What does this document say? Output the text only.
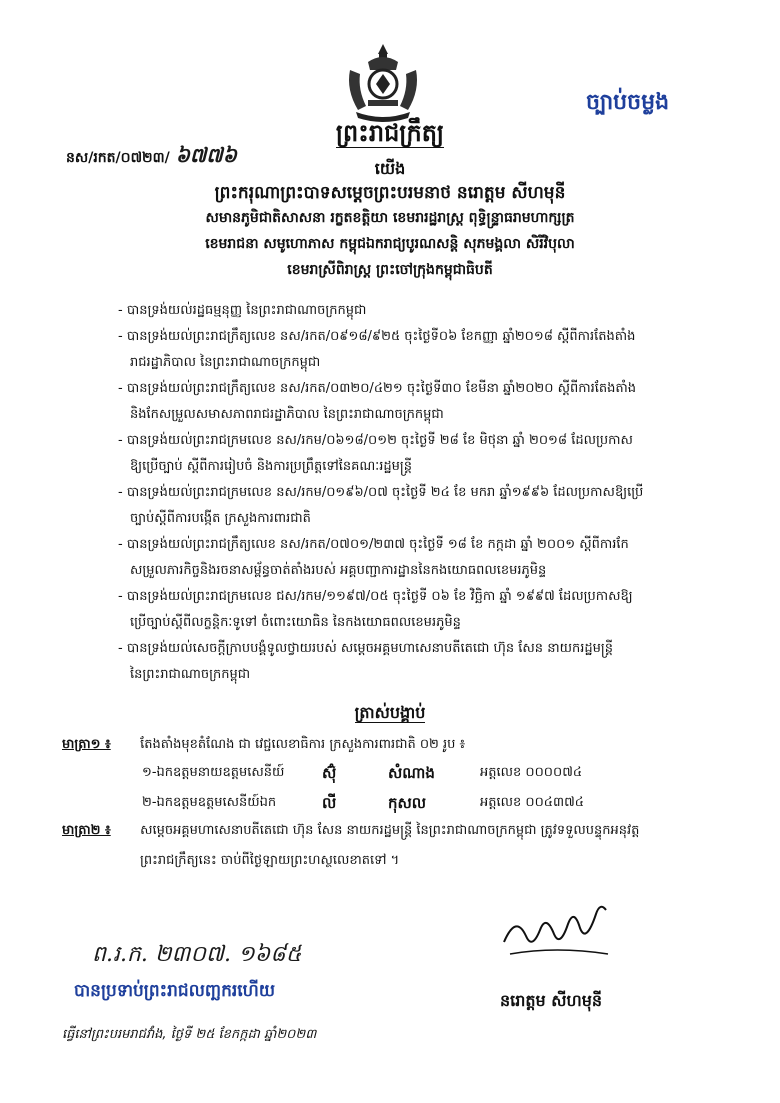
ច្បាប់ចម្លង
ព្រះរាជក្រឹត្យ
នស/រកត/០៧២៣/ ៦៧៧៦
យើង
ព្រះករុណាព្រះបាទសម្តេចព្រះបរមនាថ នរោត្តម សីហមុនី
សមានភូមិជាតិសាសនា រក្ខតខត្តិយា ខេមរារដ្ឋរាស្ត្រ ពុទ្ធិន្ទ្រាធរាមហាក្សត្រ
ខេមរាជនា សមូហោភាស កម្ពុជឯករាជ្យបូរណសន្តិ សុភមង្គលា សិរីវិបុលា
ខេមរាស្រីពិរាស្ត្រ ព្រះចៅក្រុងកម្ពុជាធិបតី
- បានទ្រង់យល់រដ្ឋធម្មនុញ្ញ នៃព្រះរាជាណាចក្រកម្ពុជា
- បានទ្រង់យល់ព្រះរាជក្រឹត្យលេខ នស/រកត/០៩១៨/៩២៥ ចុះថ្ងៃទី០៦ ខែកញ្ញា ឆ្នាំ២០១៨ ស្តីពីការតែងតាំង
រាជរដ្ឋាភិបាល នៃព្រះរាជាណាចក្រកម្ពុជា
- បានទ្រង់យល់ព្រះរាជក្រឹត្យលេខ នស/រកត/០៣២០/៤២១ ចុះថ្ងៃទី៣០ ខែមីនា ឆ្នាំ២០២០ ស្តីពីការតែងតាំង
និងកែសម្រួលសមាសភាពរាជរដ្ឋាភិបាល នៃព្រះរាជាណាចក្រកម្ពុជា
- បានទ្រង់យល់ព្រះរាជក្រមលេខ នស/រកម/០៦១៨/០១២ ចុះថ្ងៃទី ២៨ ខែ មិថុនា ឆ្នាំ ២០១៨ ដែលប្រកាស
ឱ្យប្រើច្បាប់ ស្តីពីការរៀបចំ និងការប្រព្រឹត្តទៅនៃគណៈរដ្ឋមន្ត្រី
- បានទ្រង់យល់ព្រះរាជក្រមលេខ នស/រកម/០១៩៦/០៧ ចុះថ្ងៃទី ២៤ ខែ មករា ឆ្នាំ១៩៩៦ ដែលប្រកាសឱ្យប្រើ
ច្បាប់ស្តីពីការបង្កើត ក្រសួងការពារជាតិ
- បានទ្រង់យល់ព្រះរាជក្រឹត្យលេខ នស/រកត/០៧០១/២៣៧ ចុះថ្ងៃទី ១៨ ខែ កក្កដា ឆ្នាំ ២០០១ ស្តីពីការកែ
សម្រួលភារកិច្ចនិងរចនាសម្ព័ន្ធចាត់តាំងរបស់ អគ្គបញ្ជាការដ្ឋាននៃកងយោធពលខេមរភូមិន្ទ
- បានទ្រង់យល់ព្រះរាជក្រមលេខ ជស/រកម/១១៩៧/០៥ ចុះថ្ងៃទី ០៦ ខែ វិច្ឆិកា ឆ្នាំ ១៩៩៧ ដែលប្រកាសឱ្យ
ប្រើច្បាប់ស្តីពីលក្ខន្តិកៈទូទៅ ចំពោះយោធិន នៃកងយោធពលខេមរភូមិន្ទ
- បានទ្រង់យល់សេចក្តីក្រាបបង្គំទូលថ្វាយរបស់ សម្តេចអគ្គមហាសេនាបតីតេជោ ហ៊ុន សែន នាយករដ្ឋមន្ត្រី
នៃព្រះរាជាណាចក្រកម្ពុជា
ត្រាស់បង្គាប់
មាត្រា១ ៖ តែងតាំងមុខតំណែង ជា វេជ្ជលេខាធិការ ក្រសួងការពារជាតិ ០២ រូប ៖
១-ឯកឧត្តមនាយឧត្តមសេនីយ៍	ស៊ុំ	សំណាង	អត្តលេខ ០០០០៧៤
២-ឯកឧត្តមឧត្តមសេនីយ៍ឯក	លី	កុសល	អត្តលេខ ០០៤៣៧៤
មាត្រា២ ៖ សម្តេចអគ្គមហាសេនាបតីតេជោ ហ៊ុន សែន នាយករដ្ឋមន្ត្រី នៃព្រះរាជាណាចក្រកម្ពុជា ត្រូវទទួលបន្ទុកអនុវត្ត
ព្រះរាជក្រឹត្យនេះ ចាប់ពីថ្ងៃឡាយព្រះហស្ថលេខាតទៅ ។
ព.រ.ក. ២៣០៧. ១៦៨៥
បានប្រទាប់ព្រះរាជលញ្ឆករហើយ	នរោត្តម សីហមុនី
ធ្វើនៅព្រះបរមរាជវាំង, ថ្ងៃទី ២៥ ខែកក្កដា ឆ្នាំ២០២៣
